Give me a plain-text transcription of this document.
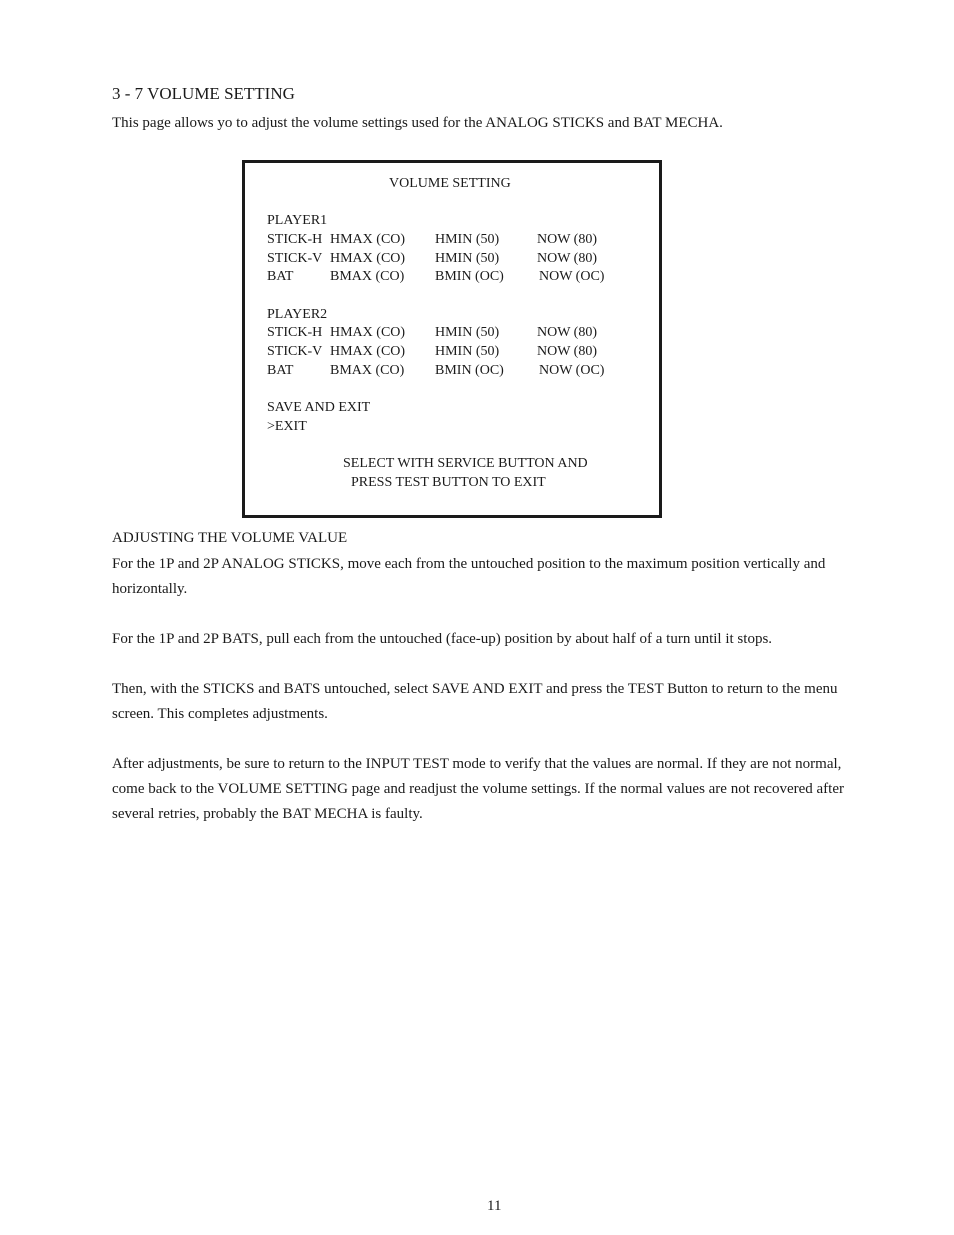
3 - 7 VOLUME SETTING
This page allows yo to adjust the volume settings used for the ANALOG STICKS and BAT MECHA.
VOLUME SETTING
PLAYER1
STICK-H HMAX (CO) HMIN (50)	NOW (80)
STICK-V HMAX (CO) HMIN (50)	NOW (80)
BAT	BMAX (CO) BMIN (OC)	NOW (OC)
PLAYER2
STICK-H HMAX (CO) HMIN (50)	NOW (80)
STICK-V HMAX (CO) HMIN (50)	NOW (80)
BAT	BMAX (CO) BMIN (OC)	NOW (OC)
SAVE AND EXIT
>EXIT
SELECT WITH SERVICE BUTTON AND
PRESS TEST BUTTON TO EXIT
ADJUSTING THE VOLUME VALUE
For the 1P and 2P ANALOG STICKS, move each from the untouched position to the maximum position vertically and horizontally.
For the 1P and 2P BATS, pull each from the untouched (face-up) position by about half of a turn until it stops.
Then, with the STICKS and BATS untouched, select SAVE AND EXIT and press the TEST Button to return to the menu screen. This completes adjustments.
After adjustments, be sure to return to the INPUT TEST mode to verify that the values are normal. If they are not normal, come back to the VOLUME SETTING page and readjust the volume settings. If the normal values are not recovered after several retries, probably the BAT MECHA is faulty.
11
